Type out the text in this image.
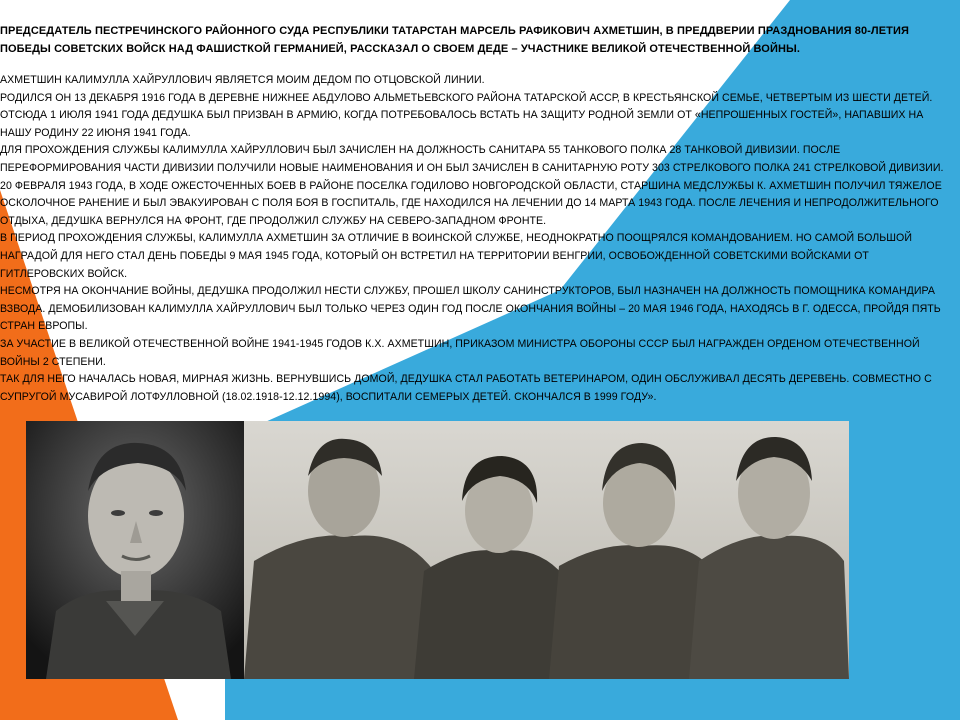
ПРЕДСЕДАТЕЛЬ ПЕСТРЕЧИНСКОГО РАЙОННОГО СУДА РЕСПУБЛИКИ ТАТАРСТАН МАРСЕЛЬ РАФИКОВИЧ АХМЕТШИН, В ПРЕДДВЕРИИ ПРАЗДНОВАНИЯ 80-ЛЕТИЯ ПОБЕДЫ СОВЕТСКИХ ВОЙСК НАД ФАШИСТКОЙ ГЕРМАНИЕЙ, РАССКАЗАЛ О СВОЕМ ДЕДЕ – УЧАСТНИКЕ ВЕЛИКОЙ ОТЕЧЕСТВЕННОЙ ВОЙНЫ.

АХМЕТШИН КАЛИМУЛЛА ХАЙРУЛЛОВИЧ ЯВЛЯЕТСЯ МОИМ ДЕДОМ ПО ОТЦОВСКОЙ ЛИНИИ.

РОДИЛСЯ ОН 13 ДЕКАБРЯ 1916 ГОДА В ДЕРЕВНЕ НИЖНЕЕ АБДУЛОВО АЛЬМЕТЬЕВСКОГО РАЙОНА ТАТАРСКОЙ АССР, В КРЕСТЬЯНСКОЙ СЕМЬЕ, ЧЕТВЕРТЫМ ИЗ ШЕСТИ ДЕТЕЙ.

ОТСЮДА 1 ИЮЛЯ 1941 ГОДА ДЕДУШКА БЫЛ ПРИЗВАН В АРМИЮ, КОГДА ПОТРЕБОВАЛОСЬ ВСТАТЬ НА ЗАЩИТУ РОДНОЙ ЗЕМЛИ ОТ «НЕПРОШЕННЫХ ГОСТЕЙ», НАПАВШИХ НА НАШУ РОДИНУ 22 ИЮНЯ 1941 ГОДА.

ДЛЯ ПРОХОЖДЕНИЯ СЛУЖБЫ КАЛИМУЛЛА ХАЙРУЛЛОВИЧ БЫЛ ЗАЧИСЛЕН НА ДОЛЖНОСТЬ САНИТАРА 55 ТАНКОВОГО ПОЛКА 28 ТАНКОВОЙ ДИВИЗИИ. ПОСЛЕ ПЕРЕФОРМИРОВАНИЯ ЧАСТИ ДИВИЗИИ ПОЛУЧИЛИ НОВЫЕ НАИМЕНОВАНИЯ И ОН БЫЛ ЗАЧИСЛЕН В САНИТАРНУЮ РОТУ 303 СТРЕЛКОВОГО ПОЛКА 241 СТРЕЛКОВОЙ ДИВИЗИИ.

20 ФЕВРАЛЯ 1943 ГОДА, В ХОДЕ ОЖЕСТОЧЕННЫХ БОЕВ В РАЙОНЕ ПОСЕЛКА ГОДИЛОВО НОВГОРОДСКОЙ ОБЛАСТИ, СТАРШИНА МЕДСЛУЖБЫ К. АХМЕТШИН ПОЛУЧИЛ ТЯЖЕЛОЕ ОСКОЛОЧНОЕ РАНЕНИЕ И БЫЛ ЭВАКУИРОВАН С ПОЛЯ БОЯ В ГОСПИТАЛЬ, ГДЕ НАХОДИЛСЯ НА ЛЕЧЕНИИ ДО 14 МАРТА 1943 ГОДА. ПОСЛЕ ЛЕЧЕНИЯ И НЕПРОДОЛЖИТЕЛЬНОГО ОТДЫХА, ДЕДУШКА ВЕРНУЛСЯ НА ФРОНТ, ГДЕ ПРОДОЛЖИЛ СЛУЖБУ НА СЕВЕРО-ЗАПАДНОМ ФРОНТЕ.

В ПЕРИОД ПРОХОЖДЕНИЯ СЛУЖБЫ, КАЛИМУЛЛА АХМЕТШИН ЗА ОТЛИЧИЕ В ВОИНСКОЙ СЛУЖБЕ, НЕОДНОКРАТНО ПООЩРЯЛСЯ КОМАНДОВАНИЕМ. НО САМОЙ БОЛЬШОЙ НАГРАДОЙ ДЛЯ НЕГО СТАЛ ДЕНЬ ПОБЕДЫ 9 МАЯ 1945 ГОДА, КОТОРЫЙ ОН ВСТРЕТИЛ НА ТЕРРИТОРИИ ВЕНГРИИ, ОСВОБОЖДЕННОЙ СОВЕТСКИМИ ВОЙСКАМИ ОТ ГИТЛЕРОВСКИХ ВОЙСК.

НЕСМОТРЯ НА ОКОНЧАНИЕ ВОЙНЫ, ДЕДУШКА ПРОДОЛЖИЛ НЕСТИ СЛУЖБУ, ПРОШЕЛ ШКОЛУ САНИНСТРУКТОРОВ, БЫЛ НАЗНАЧЕН НА ДОЛЖНОСТЬ ПОМОЩНИКА КОМАНДИРА ВЗВОДА. ДЕМОБИЛИЗОВАН КАЛИМУЛЛА ХАЙРУЛЛОВИЧ БЫЛ ТОЛЬКО ЧЕРЕЗ ОДИН ГОД ПОСЛЕ ОКОНЧАНИЯ ВОЙНЫ – 20 МАЯ 1946 ГОДА, НАХОДЯСЬ В Г. ОДЕССА, ПРОЙДЯ ПЯТЬ СТРАН ЕВРОПЫ.

ЗА УЧАСТИЕ В ВЕЛИКОЙ ОТЕЧЕСТВЕННОЙ ВОЙНЕ 1941-1945 ГОДОВ К.Х. АХМЕТШИН, ПРИКАЗОМ МИНИСТРА ОБОРОНЫ СССР БЫЛ НАГРАЖДЕН ОРДЕНОМ ОТЕЧЕСТВЕННОЙ ВОЙНЫ 2 СТЕПЕНИ.

ТАК ДЛЯ НЕГО НАЧАЛАСЬ НОВАЯ, МИРНАЯ ЖИЗНЬ. ВЕРНУВШИСЬ ДОМОЙ, ДЕДУШКА СТАЛ РАБОТАТЬ ВЕТЕРИНАРОМ, ОДИН ОБСЛУЖИВАЛ ДЕСЯТЬ ДЕРЕВЕНЬ. СОВМЕСТНО С СУПРУГОЙ МУСАВИРОЙ ЛОТФУЛЛОВНОЙ (18.02.1918-12.12.1994), ВОСПИТАЛИ СЕМЕРЫХ ДЕТЕЙ. СКОНЧАЛСЯ В 1999 ГОДУ».
